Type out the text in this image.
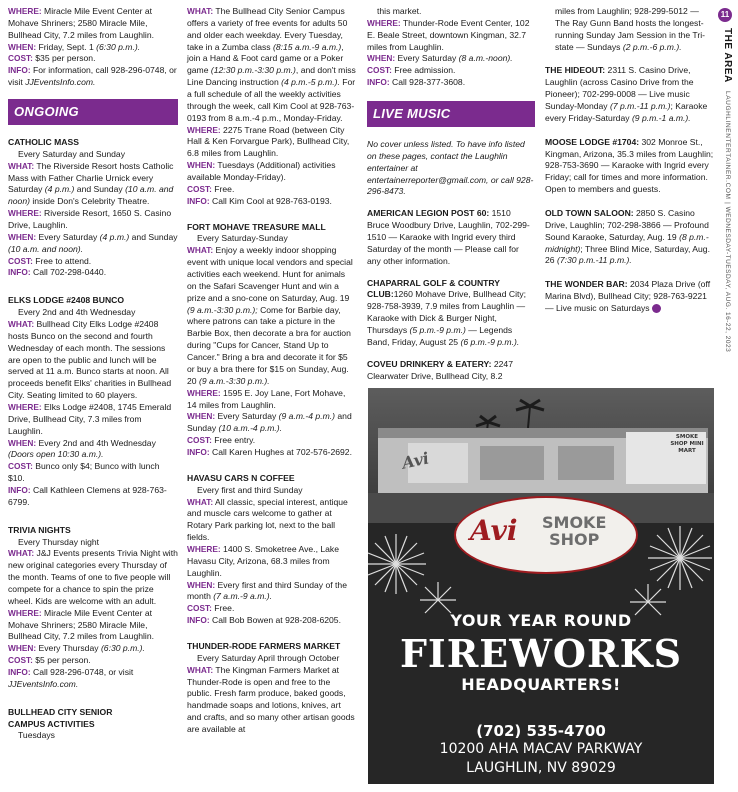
WHERE: Miracle Mile Event Center at Mohave Shriners; 2580 Miracle Mile, Bullhead City, 7.2 miles from Laughlin.

WHEN: Friday, Sept. 1 (6:30 p.m.).

COST: $35 per person.

INFO: For information, call 928-296-0748, or visit JJEventsInfo.com.

ONGOING

CATHOLIC MASS

Every Saturday and Sunday

WHAT: The Riverside Resort hosts Catholic Mass with Father Charlie Urnick every Saturday (4 p.m.) and Sunday (10 a.m. and noon) inside Don's Celebrity Theatre.

WHERE: Riverside Resort, 1650 S. Casino Drive, Laughlin.

WHEN: Every Saturday (4 p.m.) and Sunday (10 a.m. and noon).

COST: Free to attend.

INFO: Call 702-298-0440.

ELKS LODGE #2408 BUNCO

Every 2nd and 4th Wednesday

WHAT: Bullhead City Elks Lodge #2408 hosts Bunco on the second and fourth Wednesday of each month. The sessions are open to the public and lunch will be served at 11 a.m. Bunco starts at noon. All proceeds benefit Elks' charities in Bullhead City. Seating limited to 60 players.

WHERE: Elks Lodge #2408, 1745 Emerald Drive, Bullhead City, 7.3 miles from Laughlin.

WHEN: Every 2nd and 4th Wednesday (Doors open 10:30 a.m.).

COST: Bunco only $4; Bunco with lunch $10.

INFO: Call Kathleen Clemens at 928-763-6799.

TRIVIA NIGHTS

Every Thursday night

WHAT: J&J Events presents Trivia Night with new original categories every Thursday of the month. Teams of one to five people will compete for a chance to spin the prize wheel. Kids are welcome with an adult.

WHERE: Miracle Mile Event Center at Mohave Shriners; 2580 Miracle Mile, Bullhead City, 7.2 miles from Laughlin.

WHEN: Every Thursday (6:30 p.m.).

COST: $5 per person.

INFO: Call 928-296-0748, or visit JJEventsInfo.com.

BULLHEAD CITY SENIOR

CAMPUS ACTIVITIES

Tuesdays

WHAT: The Bullhead City Senior Campus offers a variety of free events for adults 50 and older each weekday. Every Tuesday, take in a Zumba class (8:15 a.m.-9 a.m.), join a Hand & Foot card game or a Poker game (12:30 p.m.-3:30 p.m.), and don't miss Line Dancing instruction (4 p.m.-5 p.m.). For a full schedule of all the weekly activities through the week, call Kim Cool at 928-763-0193 from 8 a.m.-4 p.m., Monday-Friday.

WHERE: 2275 Trane Road (between City Hall & Ken Forvargue Park), Bullhead City, 6.8 miles from Laughlin.

WHEN: Tuesdays (Additional) activities available Monday-Friday).

COST: Free.

INFO: Call Kim Cool at 928-763-0193.

FORT MOHAVE TREASURE MALL

Every Saturday-Sunday

WHAT: Enjoy a weekly indoor shopping event with unique local vendors and special activities each weekend. Hunt for animals on the Safari Scavenger Hunt and win a prize and a sno-cone on Saturday, Aug. 19 (9 a.m.-3:30 p.m.); Come for Barbie day, where patrons can take a picture in the Barbie Box, then decorate a bra for auction during "Cups for Cancer, Stand Up to Cancer." Bring a bra and decorate it for $5 or buy a bra there for $15 on Sunday, Aug. 20 (9 a.m.-3:30 p.m.).

WHERE: 1595 E. Joy Lane, Fort Mohave, 14 miles from Laughlin.

WHEN: Every Saturday (9 a.m.-4 p.m.) and Sunday (10 a.m.-4 p.m.).

COST: Free entry.

INFO: Call Karen Hughes at 702-576-2692.

HAVASU CARS N COFFEE

Every first and third Sunday

WHAT: All classic, special interest, antique and muscle cars welcome to gather at Rotary Park parking lot, next to the ball fields.

WHERE: 1400 S. Smoketree Ave., Lake Havasu City, Arizona, 68.3 miles from Laughlin.

WHEN: Every first and third Sunday of the month (7 a.m.-9 a.m.).

COST: Free.

INFO: Call Bob Bowen at 928-208-6205.

THUNDER-RODE FARMERS MARKET

Every Saturday April through October

WHAT: The Kingman Farmers Market at Thunder-Rode is open and free to the public. Fresh farm produce, baked goods, handmade soaps and lotions, knives, art and crafts, and so many other artisan goods are available at

this market.

WHERE: Thunder-Rode Event Center, 102 E. Beale Street, downtown Kingman, 32.7 miles from Laughlin.

WHEN: Every Saturday (8 a.m.-noon).

COST: Free admission.

INFO: Call 928-377-3608.

LIVE MUSIC

No cover unless listed. To have info listed on these pages, contact the Laughlin entertainer at entertainerreporter@gmail.com, or call 928-296-8473.

AMERICAN LEGION POST 60: 1510 Bruce Woodbury Drive, Laughlin, 702-299-1510 — Karaoke with Ingrid every third Saturday of the month — Please call for any other information.

CHAPARRAL GOLF & COUNTRY CLUB:1260 Mohave Drive, Bullhead City; 928-758-3939, 7.9 miles from Laughlin — Karaoke with Dick & Burger Night, Thursdays (5 p.m.-9 p.m.) — Legends Band, Friday, August 25 (6 p.m.-9 p.m.).

COVEU DRINKERY & EATERY: 2247 Clearwater Drive, Bullhead City, 8.2

miles from Laughlin; 928-299-5012 — The Ray Gunn Band hosts the longest-running Sunday Jam Session in the Tri-state — Sundays (2 p.m.-6 p.m.).

THE HIDEOUT: 2311 S. Casino Drive, Laughlin (across Casino Drive from the Pioneer); 702-299-0008 — Live music Sunday-Monday (7 p.m.-11 p.m.); Karaoke every Friday-Saturday (9 p.m.-1 a.m.).

MOOSE LODGE #1704: 302 Monroe St., Kingman, Arizona, 35.3 miles from Laughlin; 928-753-3690 — Karaoke with Ingrid every Friday; call for times and more information. Open to members and guests.

OLD TOWN SALOON: 2850 S. Casino Drive, Laughlin; 702-298-3866 — Profound Sound Karaoke, Saturday, Aug. 19 (8 p.m.-midnight); Three Blind Mice, Saturday, Aug. 26 (7:30 p.m.-11 p.m.).

THE WONDER BAR: 2034 Plaza Drive (off Marina Blvd), Bullhead City; 928-763-9221 — Live music on Saturdays

11
THE AREA LAUGHLINENTERTAINER.COM | WEDNESDAY-TUESDAY, AUG. 16-22, 2023
SMOKE SHOP MINI MART
Avi
Avi SMOKE
SHOP
YOUR YEAR ROUND
FIREWORKS
HEADQUARTERS!
(702) 535-4700
10200 AHA MACAV PARKWAY
LAUGHLIN, NV 89029
